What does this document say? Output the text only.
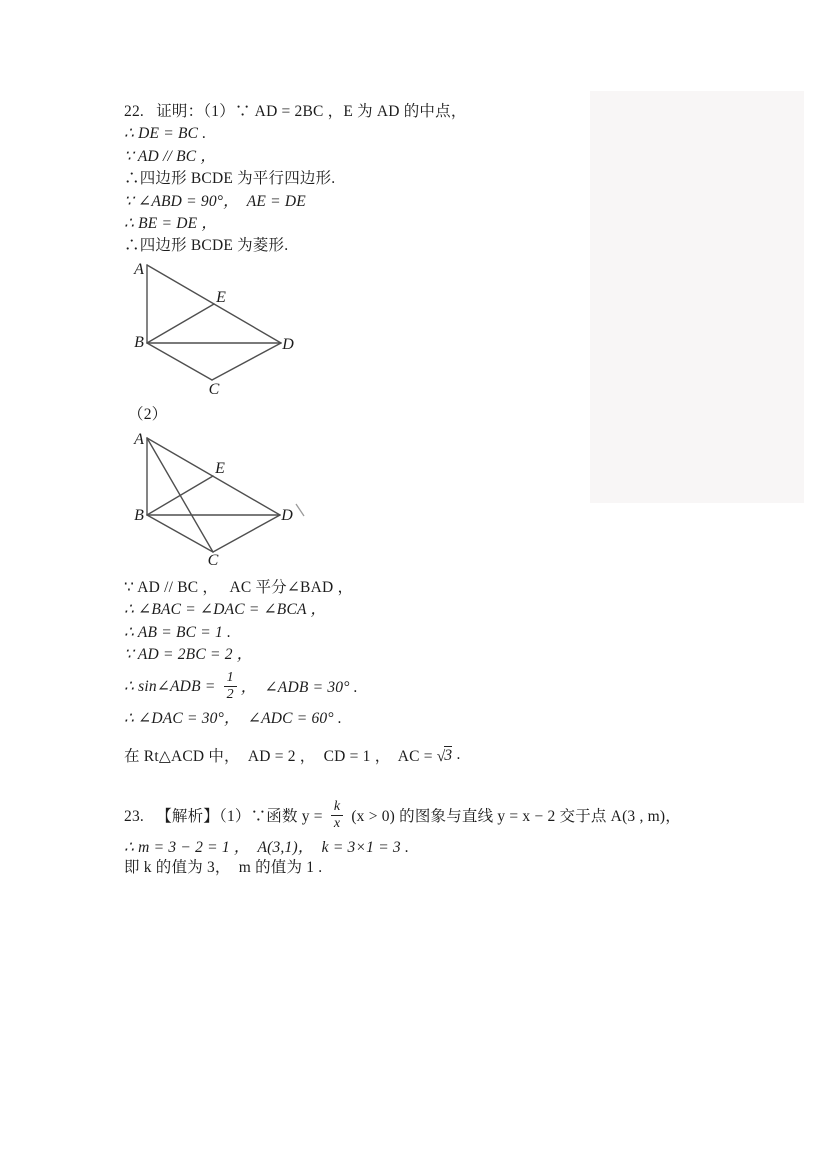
22.   证明：（1）∵ AD = 2BC ，E 为 AD 的中点，
∴ DE = BC .
∵ AD // BC ，
∴四边形 BCDE 为平行四边形.
∵ ∠ABD = 90°，  AE = DE
∴ BE = DE ，
∴四边形 BCDE 为菱形.
A
E
B	D
C
（2）
A
E
B	D
C
∵ AD // BC ，   AC 平分∠BAD ，
∴ ∠BAC = ∠DAC = ∠BCA ，
∴ AB = BC = 1 .
∵ AD = 2BC = 2 ，
∴ sin∠ADB = $\frac{1}{2}$ ，  ∠ADB = 30° .
∴ ∠DAC = 30°，  ∠ADC = 60° .
在 Rt△ACD 中，  AD = 2 ，  CD = 1 ，  AC = √ 3 .
23.   【解析】（1）∵函数 $y = \frac{k}{x} (x > 0)$ 的图象与直线 y = x − 2 交于点 A(3 , m)，
∴ m = 3 − 2 = 1 ，  A(3,1)，  k = 3×1 = 3 .
即 k 的值为 3，  m 的值为 1 .
